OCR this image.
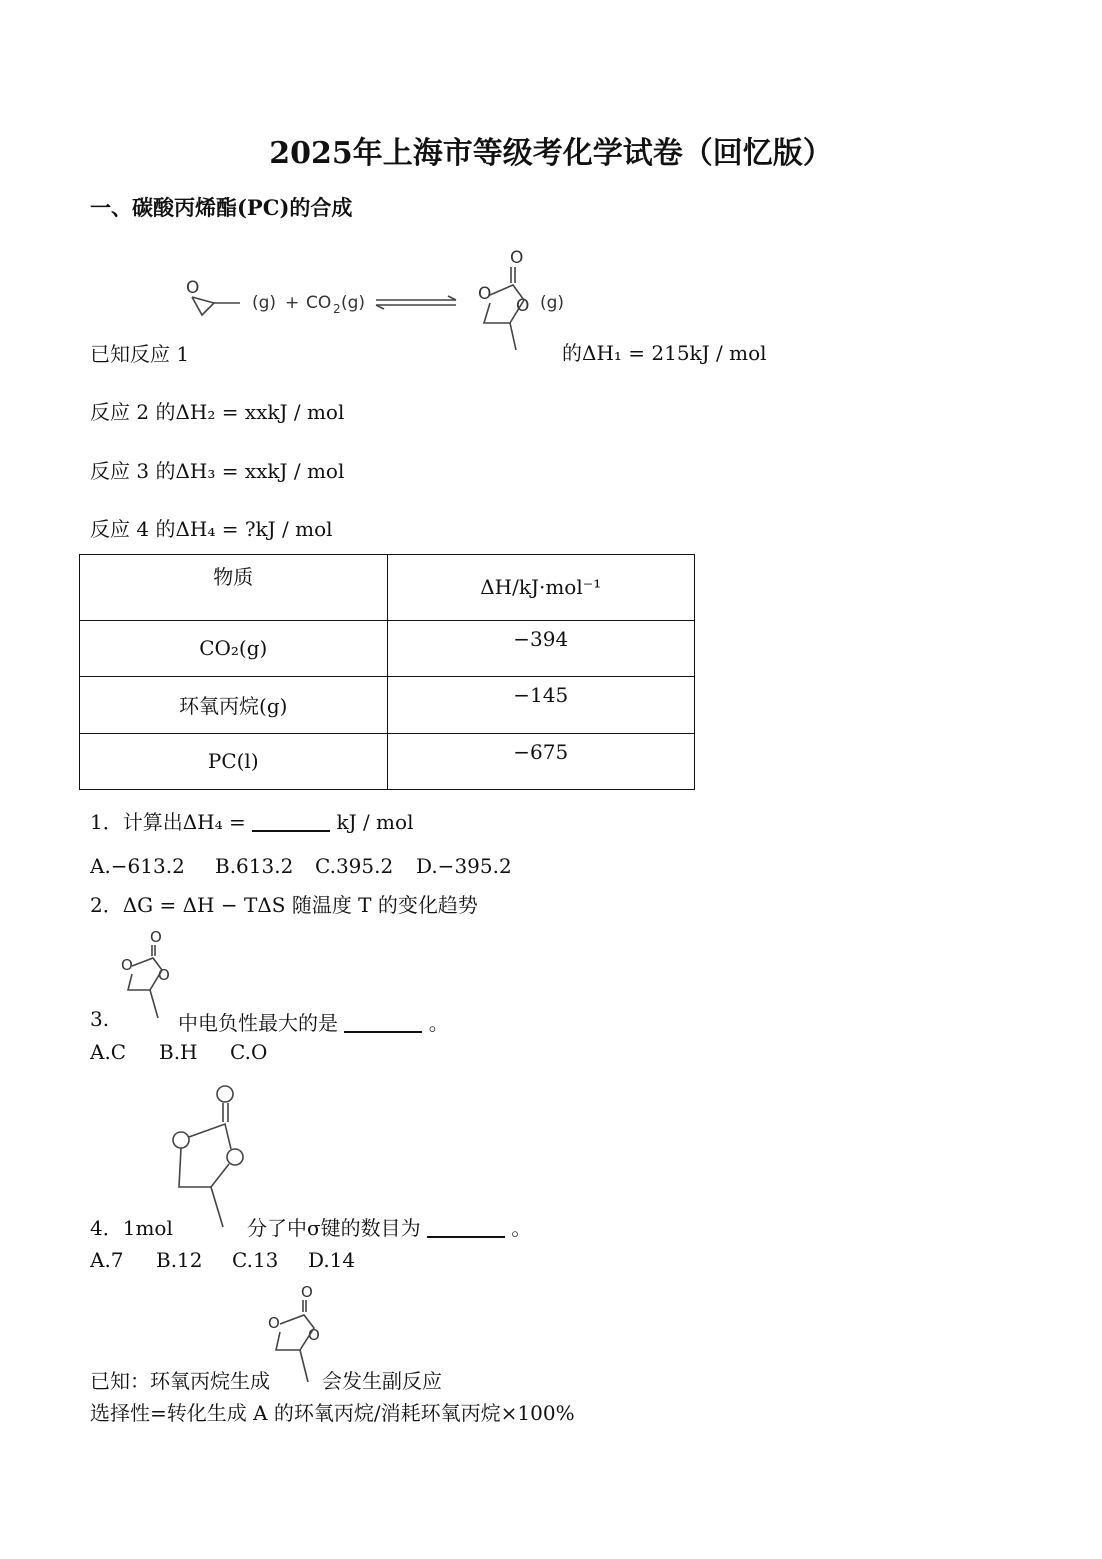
2025年上海市等级考化学试卷（回忆版）
一、碳酸丙烯酯(PC)的合成
O
(g) + CO 2 (g)
O
O
O (g)
已知反应 1	的ΔH₁ = 215kJ / mol
反应 2 的ΔH₂ = xxkJ / mol
反应 3 的ΔH₃ = xxkJ / mol
反应 4 的ΔH₄ = ?kJ / mol
物质	ΔH/kJ·mol⁻¹
CO₂(g)	−394
环氧丙烷(g)	−145
PC(l)	−675
1．计算出ΔH₄ =	kJ / mol
A.−613.2 B.613.2 C.395.2 D.−395.2
2．ΔG = ΔH − TΔS 随温度 T 的变化趋势
O
O
O
3.	中电负性最大的是	。
A.C B.H C.O
4．1mol	分了中σ键的数目为	。
A.7 B.12 C.13 D.14
O
O
O
已知：环氧丙烷生成	会发生副反应
选择性=转化生成 A 的环氧丙烷/消耗环氧丙烷×100%
